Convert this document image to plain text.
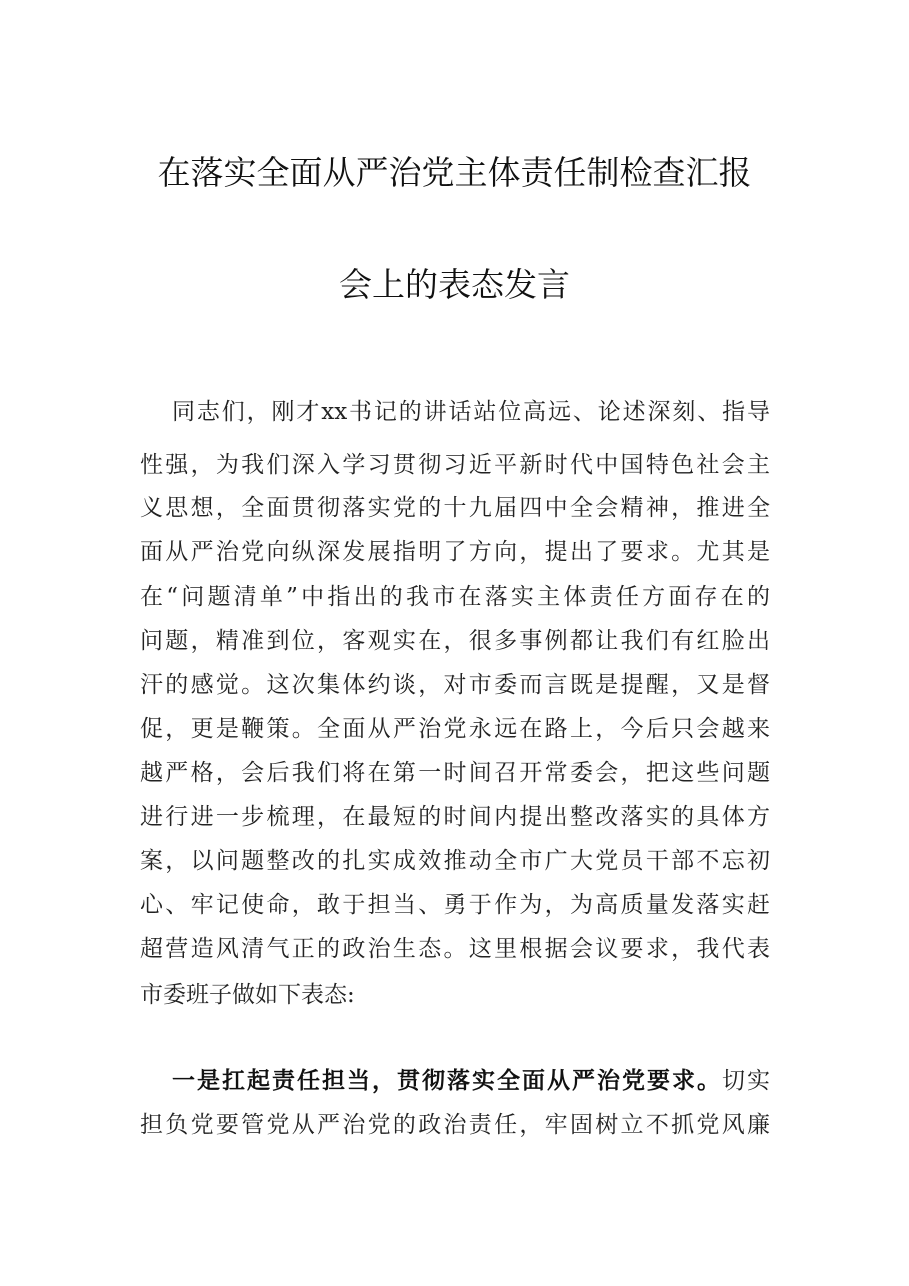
在落实全面从严治党主体责任制检查汇报
会上的表态发言
同志们，刚才xx书记的讲话站位高远、论述深刻、指导
性强，为我们深入学习贯彻习近平新时代中国特色社会主
义思想，全面贯彻落实党的十九届四中全会精神，推进全
面从严治党向纵深发展指明了方向，提出了要求。尤其是
在“问题清单”中指出的我市在落实主体责任方面存在的
问题，精准到位，客观实在，很多事例都让我们有红脸出
汗的感觉。这次集体约谈，对市委而言既是提醒，又是督
促，更是鞭策。全面从严治党永远在路上，今后只会越来
越严格，会后我们将在第一时间召开常委会，把这些问题
进行进一步梳理，在最短的时间内提出整改落实的具体方
案，以问题整改的扎实成效推动全市广大党员干部不忘初
心、牢记使命，敢于担当、勇于作为，为高质量发落实赶
超营造风清气正的政治生态。这里根据会议要求，我代表
市委班子做如下表态:
一是扛起责任担当，贯彻落实全面从严治党要求。切实
担负党要管党从严治党的政治责任，牢固树立不抓党风廉
